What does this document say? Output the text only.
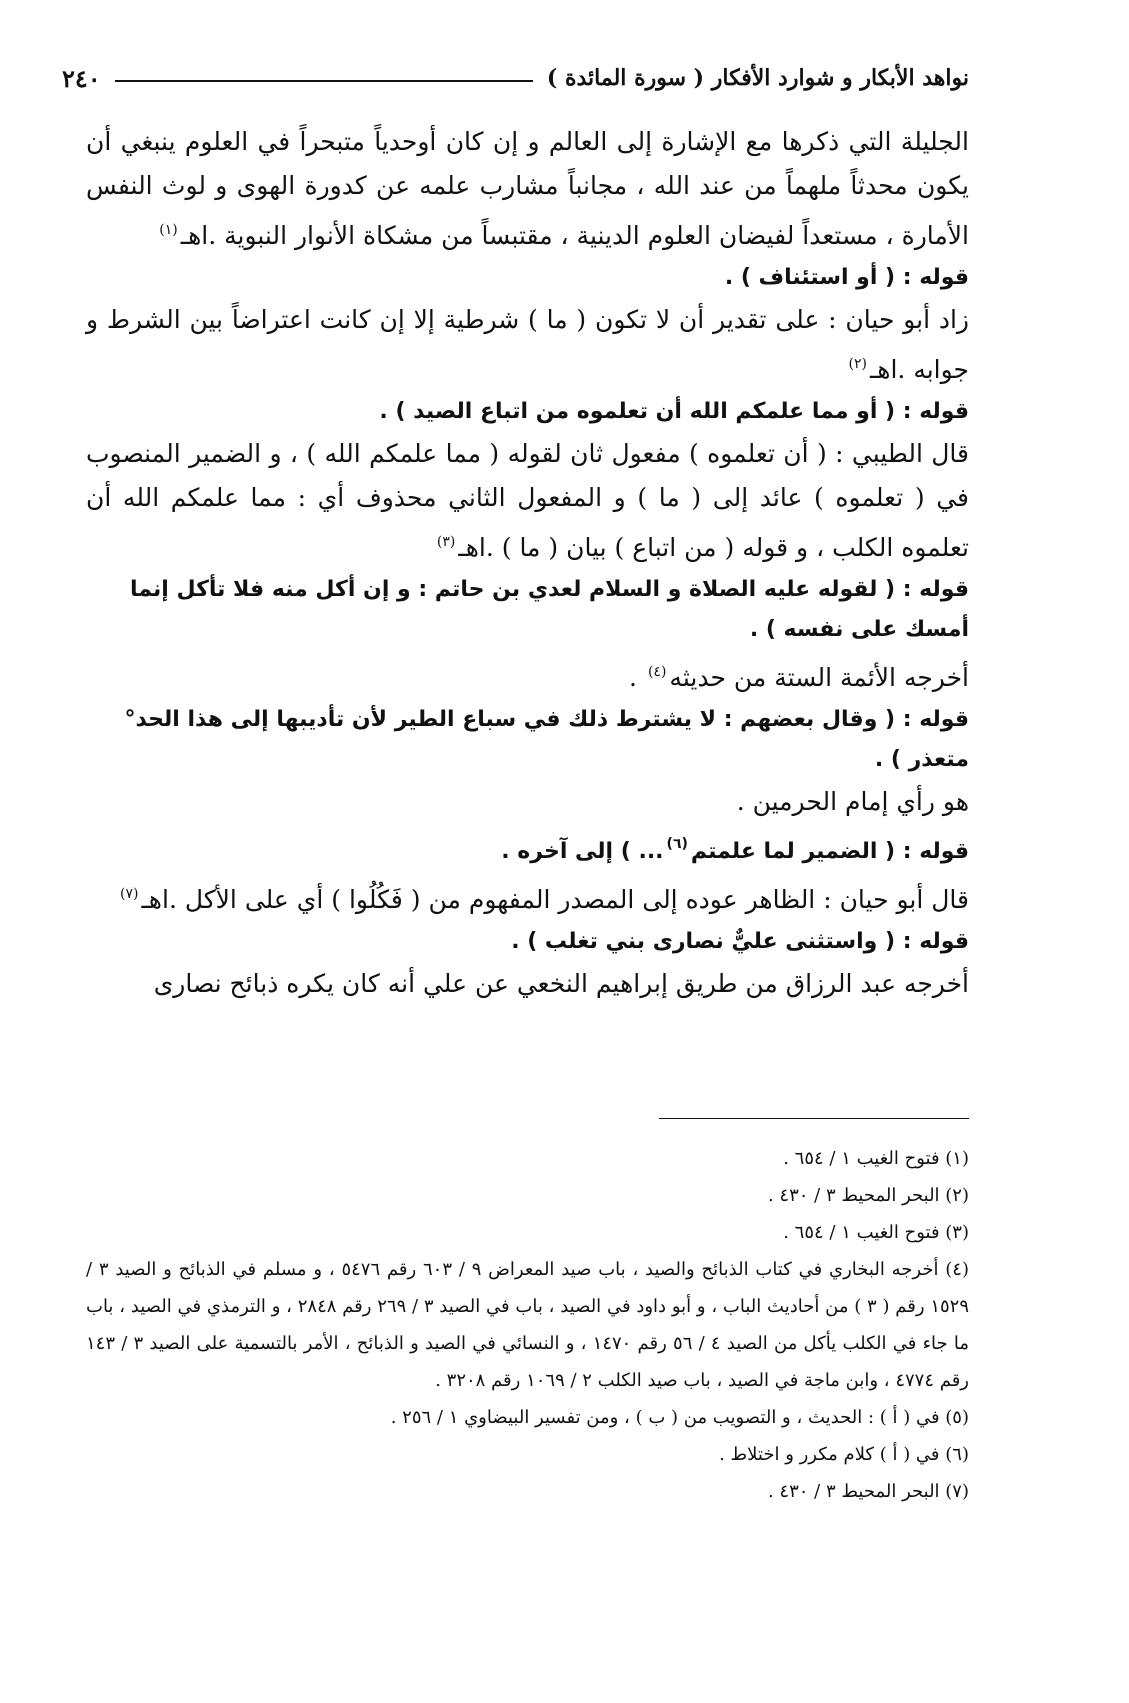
نواهد الأبكار و شوارد الأفكار ( سورة المائدة )
٢٤٠

الجليلة التي ذكرها مع الإشارة إلى العالم و إن كان أوحدياً متبحراً في العلوم ينبغي أن يكون محدثاً ملهماً من عند الله ، مجانباً مشارب علمه عن كدورة الهوى و لوث النفس الأمارة ، مستعداً لفيضان العلوم الدينية ، مقتبساً من مشكاة الأنوار النبوية .اهـ$^{(١)}$

قوله : ( أو استئناف ) .

زاد أبو حيان : على تقدير أن لا تكون ( ما ) شرطية إلا إن كانت اعتراضاً بين الشرط و جوابه .اهـ$^{(٢)}$

قوله : ( أو مما علمكم الله أن تعلموه من اتباع الصيد ) .

قال الطيبي : ( أن تعلموه ) مفعول ثان لقوله ( مما علمكم الله ) ، و الضمير المنصوب في ( تعلموه ) عائد إلى ( ما ) و المفعول الثاني محذوف أي : مما علمكم الله أن تعلموه الكلب ، و قوله ( من اتباع ) بيان ( ما ) .اهـ$^{(٣)}$

قوله : ( لقوله عليه الصلاة و السلام لعدي بن حاتم : و إن أكل منه فلا تأكل إنما أمسك على نفسه ) .

أخرجه الأئمة الستة من حديثه$^{(٤)}$ .

قوله : ( وقال بعضهم : لا يشترط ذلك في سباع الطير لأن تأديبها إلى هذا الحد° متعذر ) .

هو رأي إمام الحرمين .

قوله : ( الضمير لما علمتم$^{(٦)}$... ) إلى آخره .

قال أبو حيان : الظاهر عوده إلى المصدر المفهوم من ( فَكُلُوا ) أي على الأكل .اهـ$^{(٧)}$

قوله : ( واستثنى عليٌّ نصارى بني تغلب ) .

أخرجه عبد الرزاق من طريق إبراهيم النخعي عن علي أنه كان يكره ذبائح نصارى

(١) فتوح الغيب ١ / ٦٥٤ .

(٢) البحر المحيط ٣ / ٤٣٠ .

(٣) فتوح الغيب ١ / ٦٥٤ .

(٤) أخرجه البخاري في كتاب الذبائح والصيد ، باب صيد المعراض ٩ / ٦٠٣ رقم ٥٤٧٦ ، و مسلم في الذبائح و الصيد ٣ / ١٥٢٩ رقم ( ٣ ) من أحاديث الباب ، و أبو داود في الصيد ، باب في الصيد ٣ / ٢٦٩ رقم ٢٨٤٨ ، و الترمذي في الصيد ، باب ما جاء في الكلب يأكل من الصيد ٤ / ٥٦ رقم ١٤٧٠ ، و النسائي في الصيد و الذبائح ، الأمر بالتسمية على الصيد ٣ / ١٤٣ رقم ٤٧٧٤ ، وابن ماجة في الصيد ، باب صيد الكلب ٢ / ١٠٦٩ رقم ٣٢٠٨ .

(٥) في ( أ ) : الحديث ، و التصويب من ( ب ) ، ومن تفسير البيضاوي ١ / ٢٥٦ .

(٦) في ( أ ) كلام مكرر و اختلاط .

(٧) البحر المحيط ٣ / ٤٣٠ .
